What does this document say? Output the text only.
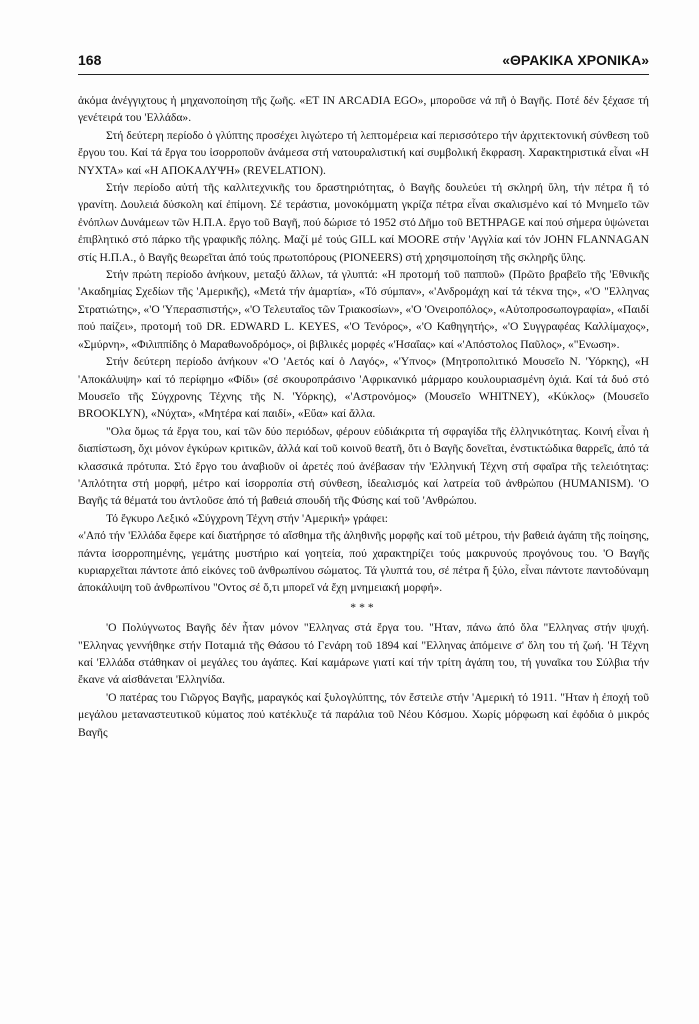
168	«ΘΡΑΚΙΚΑ ΧΡΟΝΙΚΑ»

ἀκόμα ἀνέγγιχτους ἡ μηχανοποίηση τῆς ζωῆς. «ET IN ARCADIA EGO», μποροῦσε νά πῆ ὁ Βαγῆς. Ποτέ δέν ξέχασε τή γενέτειρά του 'Ελλάδα».

Στή δεύτερη περίοδο ὁ γλύπτης προσέχει λιγώτερο τή λεπτομέρεια καί περισσότερο τήν ἀρχιτεκτονική σύνθεση τοῦ ἔργου του. Καί τά ἔργα του ἰσορροποῦν ἀνάμεσα στή νατουραλιστική καί συμβολική ἔκφραση. Χαρακτηριστικά εἶναι «Η ΝΥΧΤΑ» καί «Η ΑΠΟΚΑΛΥΨΗ» (REVELATION).

Στήν περίοδο αὐτή τῆς καλλιτεχνικῆς του δραστηριότητας, ὁ Βαγῆς δουλεύει τή σκληρή ὕλη, τήν πέτρα ἤ τό γρανίτη. Δουλειά δύσκολη καί ἐπίμονη. Σέ τεράστια, μονοκόμματη γκρίζα πέτρα εἶναι σκαλισμένο καί τό Μνημεῖο τῶν ἐνόπλων Δυνάμεων τῶν Η.Π.Α. ἔργο τοῦ Βαγῆ, πού δώρισε τό 1952 στό Δῆμο τοῦ BETHPAGE καί πού σήμερα ὑψώνεται ἐπιβλητικό στό πάρκο τῆς γραφικῆς πόλης. Μαζί μέ τούς GILL καί MOORE στήν 'Αγγλία καί τόν JOHN FLANNAGAN στίς Η.Π.Α., ὁ Βαγῆς θεωρεῖται ἀπό τούς πρωτοπόρους (PIONEERS) στή χρησιμοποίηση τῆς σκληρῆς ὕλης.

Στήν πρώτη περίοδο ἀνήκουν, μεταξύ ἄλλων, τά γλυπτά: «Η προτομή τοῦ παπποῦ» (Πρῶτο βραβεῖο τῆς 'Εθνικῆς 'Ακαδημίας Σχεδίων τῆς 'Αμερικῆς), «Μετά τήν ἁμαρτία», «Τό σύμπαν», «'Ανδρομάχη καί τά τέκνα της», «'Ο "Ελληνας Στρατιώτης», «'Ο 'Υπερασπιστής», «'Ο Τελευταῖος τῶν Τριακοσίων», «'Ο 'Ονειροπόλος», «Αὐτοπροσωπογραφία», «Παιδί πού παίζει», προτομή τοῦ DR. EDWARD L. KEYES, «'Ο Τενόρος», «'Ο Καθηγητής», «'Ο Συγγραφέας Καλλίμαχος», «Σμύρνη», «Φιλιππίδης ὁ Μαραθωνοδρόμος», οἱ βιβλικές μορφές «'Ησαΐας» καί «'Απόστολος Παῦλος», «"Ενωση».

Στήν δεύτερη περίοδο ἀνήκουν «'Ο 'Αετός καί ὁ Λαγός», «'Υπνος» (Μητροπολιτικό Μουσεῖο Ν. 'Υόρκης), «Η 'Αποκάλυψη» καί τό περίφημο «Φίδι» (σέ σκουροπράσινο 'Αφρικανικό μάρμαρο κουλουριασμένη ὀχιά. Καί τά δυό στό Μουσεῖο τῆς Σύγχρονης Τέχνης τῆς Ν. 'Υόρκης), «'Αστρονόμος» (Μουσεῖο WHITNEY), «Κύκλος» (Μουσεῖο BROOKLYN), «Νύχτα», «Μητέρα καί παιδί», «Εὔα» καί ἄλλα.

"Ολα ὅμως τά ἔργα του, καί τῶν δύο περιόδων, φέρουν εὐδιάκριτα τή σφραγίδα τῆς ἑλληνικότητας. Κοινή εἶναι ἡ διαπίστωση, ὄχι μόνον ἐγκύρων κριτικῶν, ἀλλά καί τοῦ κοινοῦ θεατῆ, ὅτι ὁ Βαγῆς δονεῖται, ἐνστικτώδικα θαρρεῖς, ἀπό τά κλασσικά πρότυπα. Στό ἔργο του ἀναβιοῦν οἱ ἀρετές πού ἀνέβασαν τήν 'Ελληνική Τέχνη στή σφαῖρα τῆς τελειότητας: 'Απλότητα στή μορφή, μέτρο καί ἰσορροπία στή σύνθεση, ἰδεαλισμός καί λατρεία τοῦ ἀνθρώπου (HUMANISM). 'Ο Βαγῆς τά θέματά του ἀντλοῦσε ἀπό τή βαθειά σπουδή τῆς Φύσης καί τοῦ 'Ανθρώπου.

Τό ἔγκυρο Λεξικό «Σύγχρονη Τέχνη στήν 'Αμερική» γράφει:

«'Από τήν 'Ελλάδα ἔφερε καί διατήρησε τό αἴσθημα τῆς ἀληθινῆς μορφῆς καί τοῦ μέτρου, τήν βαθειά ἀγάπη τῆς ποίησης, πάντα ἰσορροπημένης, γεμάτης μυστήριο καί γοητεία, πού χαρακτηρίζει τούς μακρυνούς προγόνους του. 'Ο Βαγῆς κυριαρχεῖται πάντοτε ἀπό εἰκόνες τοῦ ἀνθρωπίνου σώματος. Τά γλυπτά του, σέ πέτρα ἤ ξύλο, εἶναι πάντοτε παντοδύναμη ἀποκάλυψη τοῦ ἀνθρωπίνου "Οντος σέ ὅ,τι μπορεῖ νά ἔχη μνημειακή μορφή».

***

'Ο Πολύγνωτος Βαγῆς δέν ἦταν μόνον "Ελληνας στά ἔργα του. "Ηταν, πάνω ἀπό ὅλα "Ελληνας στήν ψυχή. "Ελληνας γεννήθηκε στήν Ποταμιά τῆς Θάσου τό Γενάρη τοῦ 1894 καί "Ελληνας ἀπόμεινε σ' ὅλη του τή ζωή. 'Η Τέχνη καί 'Ελλάδα στάθηκαν οἱ μεγάλες του ἀγάπες. Καί καμάρωνε γιατί καί τήν τρίτη ἀγάπη του, τή γυναῖκα του Σύλβια τήν ἔκανε νά αἰσθάνεται 'Ελληνίδα.

'Ο πατέρας του Γιῶργος Βαγῆς, μαραγκός καί ξυλογλύπτης, τόν ἔστειλε στήν 'Αμερική τό 1911. "Ηταν ἡ ἐποχή τοῦ μεγάλου μεταναστευτικοῦ κύματος πού κατέκλυζε τά παράλια τοῦ Νέου Κόσμου. Χωρίς μόρφωση καί ἐφόδια ὁ μικρός Βαγῆς
